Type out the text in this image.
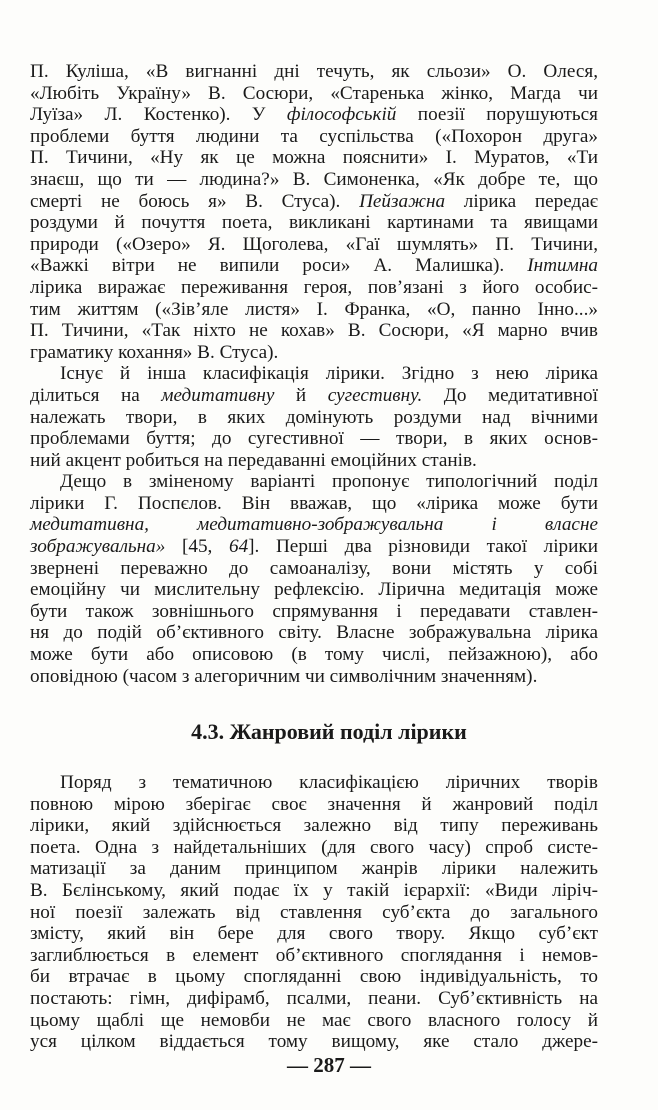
П. Куліша, «В вигнанні дні течуть, як сльози» О. Олеся,
«Любіть Україну» В. Сосюри, «Старенька жінко, Магда чи
Луїза» Л. Костенко). У філософській поезії порушуються
проблеми буття людини та суспільства («Похорон друга»
П. Тичини, «Ну як це можна пояснити» І. Муратов, «Ти
знаєш, що ти — людина?» В. Симоненка, «Як добре те, що
смерті не боюсь я» В. Стуса). Пейзажна лірика передає
роздуми й почуття поета, викликані картинами та явищами
природи («Озеро» Я. Щоголева, «Гаї шумлять» П. Тичини,
«Важкі вітри не випили роси» А. Малишка). Інтимна
лірика виражає переживання героя, пов’язані з його особис-
тим життям («Зів’яле листя» І. Франка, «О, панно Інно...»
П. Тичини, «Так ніхто не кохав» В. Сосюри, «Я марно вчив
граматику кохання» В. Стуса).
Існує й інша класифікація лірики. Згідно з нею лірика
ділиться на медитативну й сугестивну. До медитативної
належать твори, в яких домінують роздуми над вічними
проблемами буття; до сугестивної — твори, в яких основ-
ний акцент робиться на передаванні емоційних станів.
Дещо в зміненому варіанті пропонує типологічний поділ
лірики Г. Поспєлов. Він вважав, що «лірика може бути
медитативна, медитативно-зображувальна і власне
зображувальна» [45, 64]. Перші два різновиди такої лірики
звернені переважно до самоаналізу, вони містять у собі
емоційну чи мислительну рефлексію. Лірична медитація може
бути також зовнішнього спрямування і передавати ставлен-
ня до подій об’єктивного світу. Власне зображувальна лірика
може бути або описовою (в тому числі, пейзажною), або
оповідною (часом з алегоричним чи символічним значенням).
4.3. Жанровий поділ лірики
Поряд з тематичною класифікацією ліричних творів
повною мірою зберігає своє значення й жанровий поділ
лірики, який здійснюється залежно від типу переживань
поета. Одна з найдетальніших (для свого часу) спроб систе-
матизації за даним принципом жанрів лірики належить
В. Бєлінському, який подає їх у такій ієрархії: «Види ліріч-
ної поезії залежать від ставлення суб’єкта до загального
змісту, який він бере для свого твору. Якщо суб’єкт
заглиблюється в елемент об’єктивного споглядання і немов-
би втрачає в цьому спогляданні свою індивідуальність, то
постають: гімн, дифірамб, псалми, пеани. Суб’єктивність на
цьому щаблі ще немовби не має свого власного голосу й
уся цілком віддається тому вищому, яке стало джере-
— 287 —
